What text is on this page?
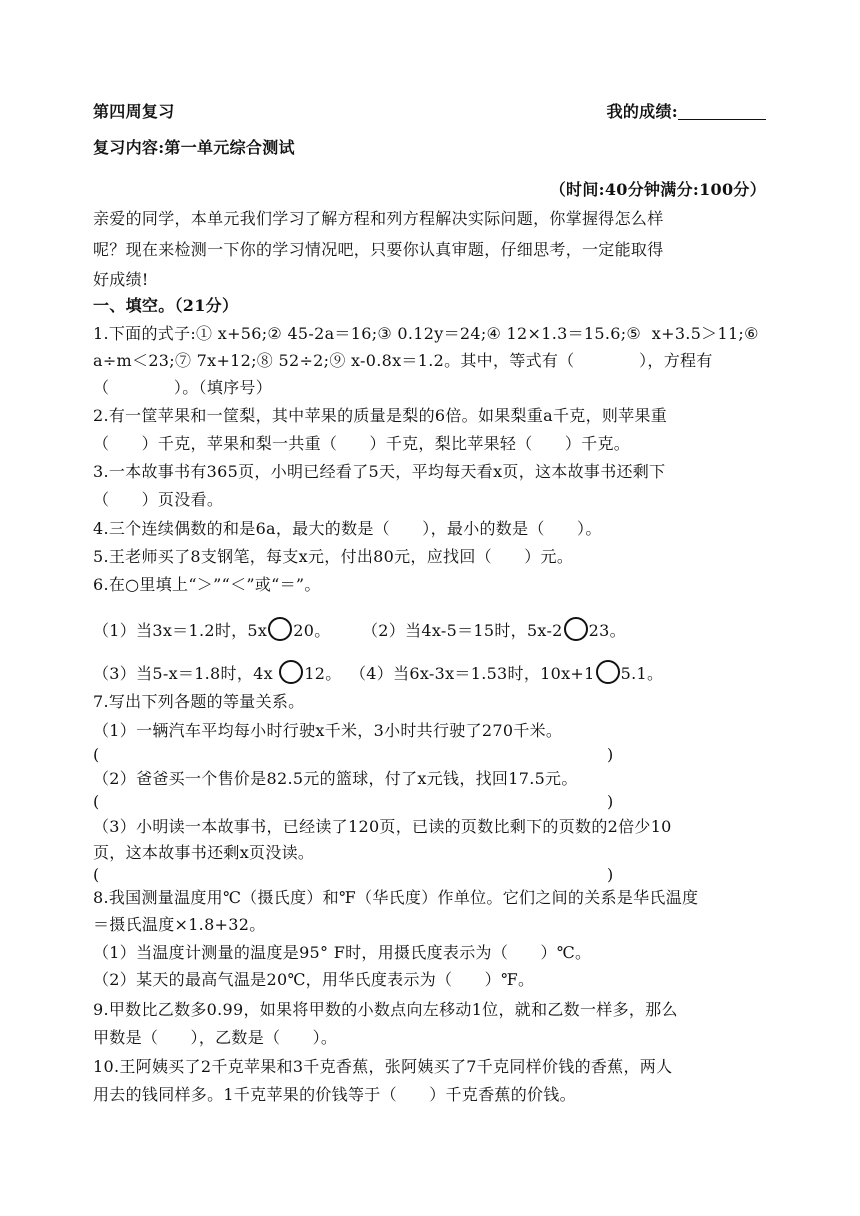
第四周复习	我的成绩:
复习内容:第一单元综合测试
（时间:40分钟满分:100分）
亲爱的同学，本单元我们学习了解方程和列方程解决实际问题，你掌握得怎么样
呢？现在来检测一下你的学习情况吧，只要你认真审题，仔细思考，一定能取得
好成绩!
一、填空。（21分）
1.下面的式子:① x+56;② 45-2a＝16;③ 0.12y＝24;④ 12×1.3＝15.6;⑤  x+3.5＞11;⑥
a÷m＜23;⑦ 7x+12;⑧ 52÷2;⑨ x-0.8x＝1.2。其中，等式有（            ），方程有
（            ）。（填序号）
2.有一筐苹果和一筐梨，其中苹果的质量是梨的6倍。如果梨重a千克，则苹果重
（      ）千克，苹果和梨一共重（      ）千克，梨比苹果轻（      ）千克。
3.一本故事书有365页，小明已经看了5天，平均每天看x页，这本故事书还剩下
（      ）页没看。
4.三个连续偶数的和是6a，最大的数是（      ），最小的数是（      ）。
5.王老师买了8支钢笔，每支x元，付出80元，应找回（      ）元。
6.在○里填上“＞”“＜”或“＝”。
（1）当3x＝1.2时，5x 20。 （2）当4x-5＝15时，5x-2 23。
（3）当5-x＝1.8时，4x 12。 （4）当6x-3x＝1.53时，10x+1 5.1。
7.写出下列各题的等量关系。
（1）一辆汽车平均每小时行驶x千米，3小时共行驶了270千米。
(	)
（2）爸爸买一个售价是82.5元的篮球，付了x元钱，找回17.5元。
(	)
（3）小明读一本故事书，已经读了120页，已读的页数比剩下的页数的2倍少10
页，这本故事书还剩x页没读。
(	)
8.我国测量温度用℃（摄氏度）和℉（华氏度）作单位。它们之间的关系是华氏温度
＝摄氏温度×1.8+32。
（1）当温度计测量的温度是95° F时，用摄氏度表示为（      ）℃。
（2）某天的最高气温是20℃，用华氏度表示为（      ）℉。
9.甲数比乙数多0.99，如果将甲数的小数点向左移动1位，就和乙数一样多，那么
甲数是（      ），乙数是（      ）。
10.王阿姨买了2千克苹果和3千克香蕉，张阿姨买了7千克同样价钱的香蕉，两人
用去的钱同样多。1千克苹果的价钱等于（      ）千克香蕉的价钱。
